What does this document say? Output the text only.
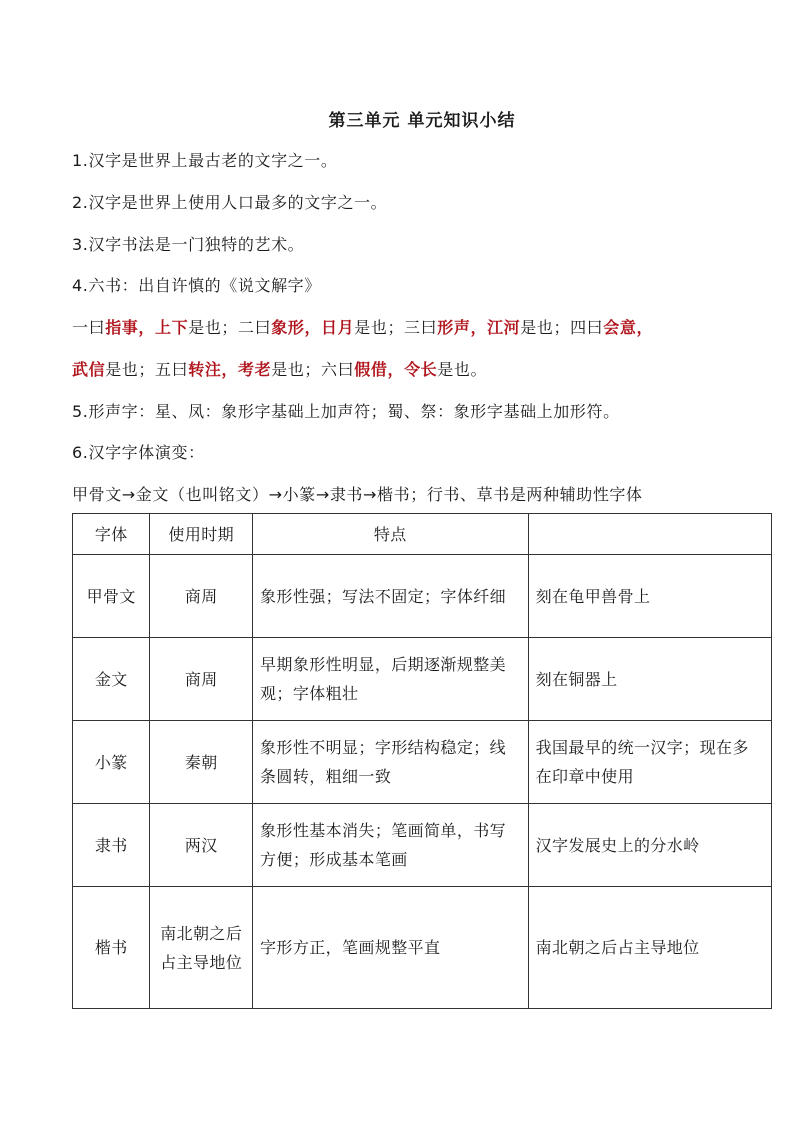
第三单元 单元知识小结
1.汉字是世界上最古老的文字之一。
2.汉字是世界上使用人口最多的文字之一。
3.汉字书法是一门独特的艺术。
4.六书：出自许慎的《说文解字》
一曰指事，上下是也；二曰象形，日月是也；三曰形声，江河是也；四曰会意，
武信是也；五曰转注，考老是也；六曰假借，令长是也。
5.形声字：星、凤：象形字基础上加声符；蜀、祭：象形字基础上加形符。
6.汉字字体演变：
甲骨文→金文（也叫铭文）→小篆→隶书→楷书；行书、草书是两种辅助性字体
字体	使用时期	特点	
甲骨文	商周	象形性强；写法不固定；字体纤细	刻在龟甲兽骨上
金文	商周	早期象形性明显，后期逐渐规整美观；字体粗壮	刻在铜器上
小篆	秦朝	象形性不明显；字形结构稳定；线条圆转，粗细一致	我国最早的统一汉字；现在多在印章中使用
隶书	两汉	象形性基本消失；笔画简单，书写方便；形成基本笔画	汉字发展史上的分水岭
楷书	南北朝之后占主导地位	字形方正，笔画规整平直	南北朝之后占主导地位
